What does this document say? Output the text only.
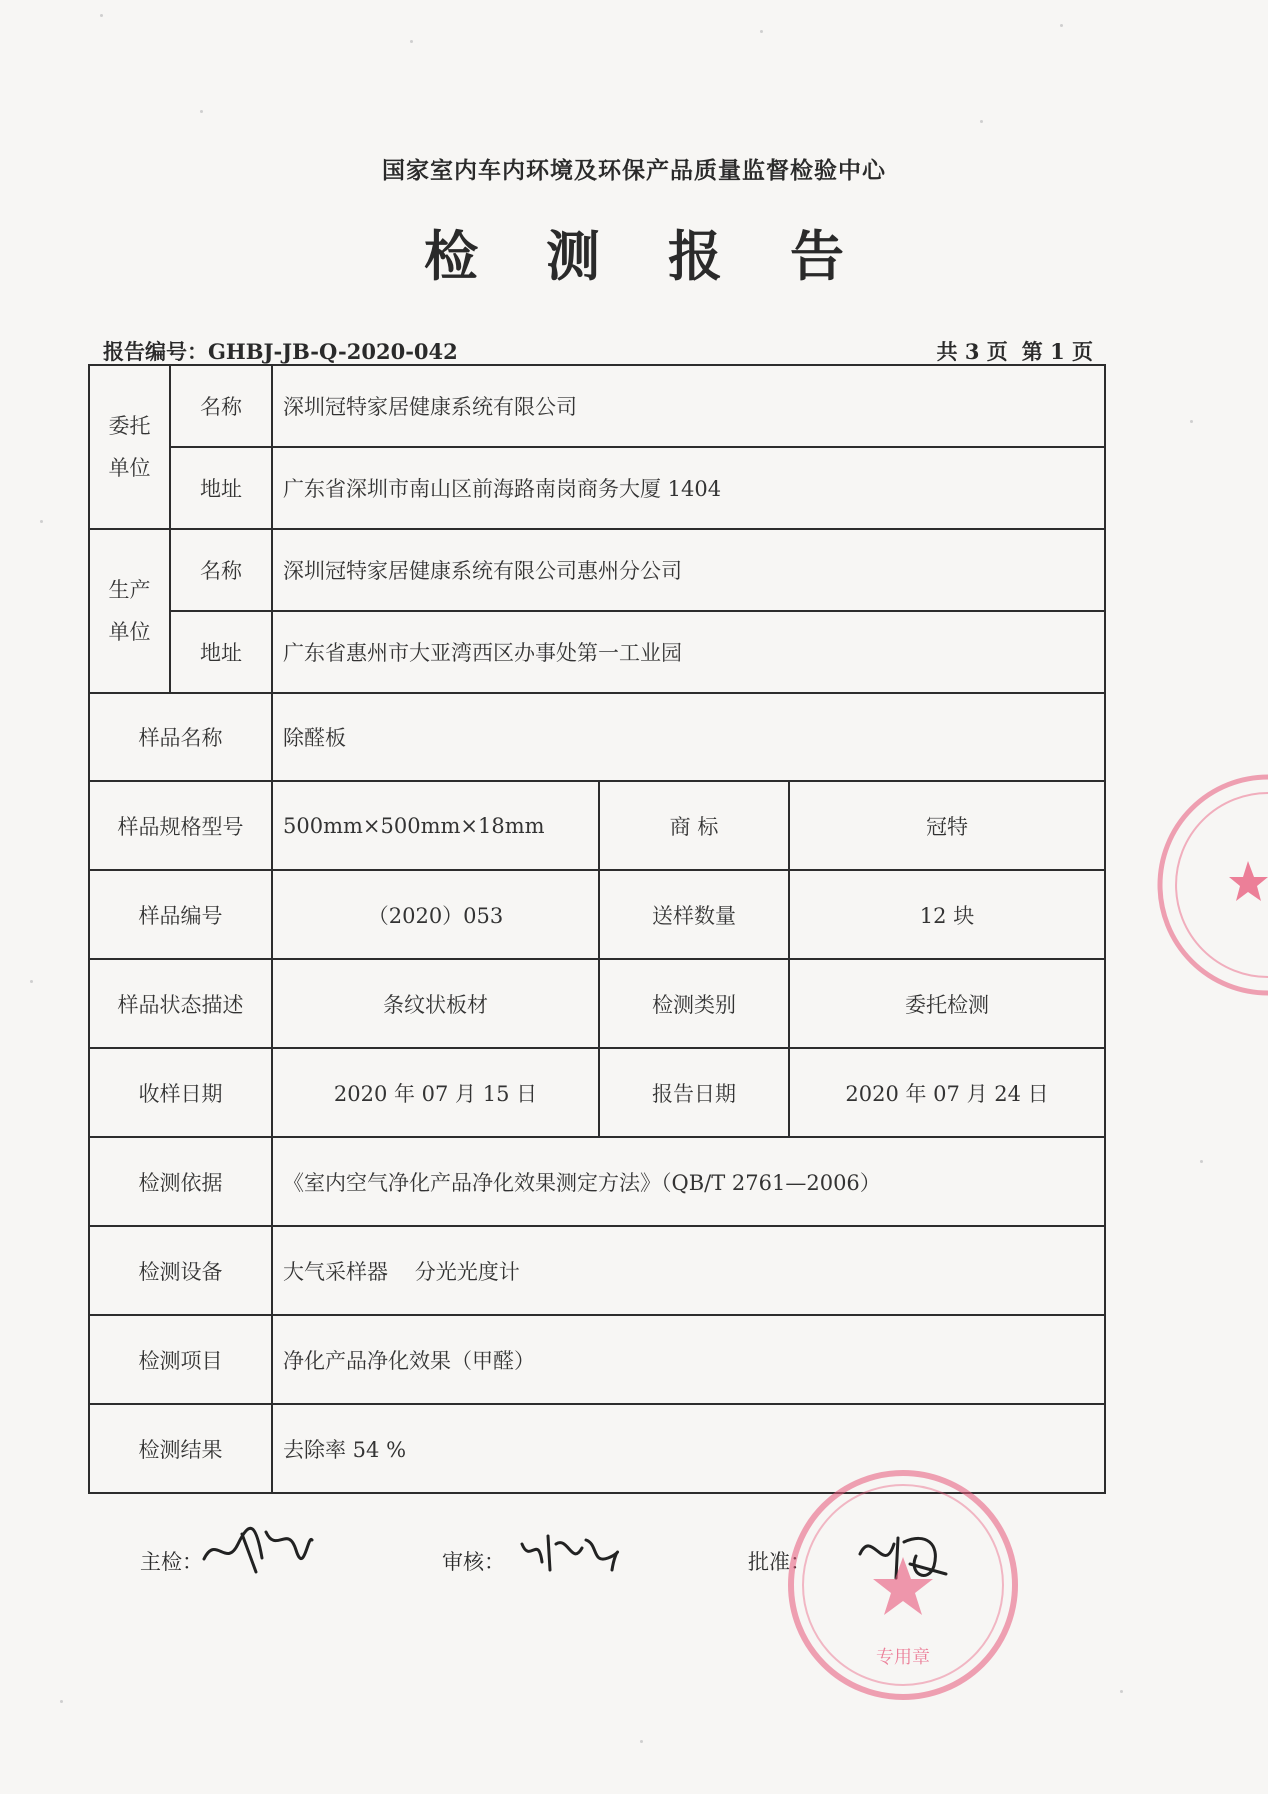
国家室内车内环境及环保产品质量监督检验中心
检测报告
报告编号：GHBJ-JB-Q-2020-042	共 3 页 第 1 页
委托单位	名称	深圳冠特家居健康系统有限公司		
	地址	广东省深圳市南山区前海路南岗商务大厦 1404		
生产单位	名称	深圳冠特家居健康系统有限公司惠州分公司		
	地址	广东省惠州市大亚湾西区办事处第一工业园		
样品名称		除醛板		
样品规格型号		500mm×500mm×18mm	商 标	冠特
样品编号		（2020）053	送样数量	12 块
样品状态描述		条纹状板材	检测类别	委托检测
收样日期		2020 年 07 月 15 日	报告日期	2020 年 07 月 24 日
检测依据		《室内空气净化产品净化效果测定方法》（QB/T 2761—2006）		
检测设备		大气采样器    分光光度计		
检测项目		净化产品净化效果（甲醛）		
检测结果		去除率 54 %		
主检：	审核：	批准：
专用章
